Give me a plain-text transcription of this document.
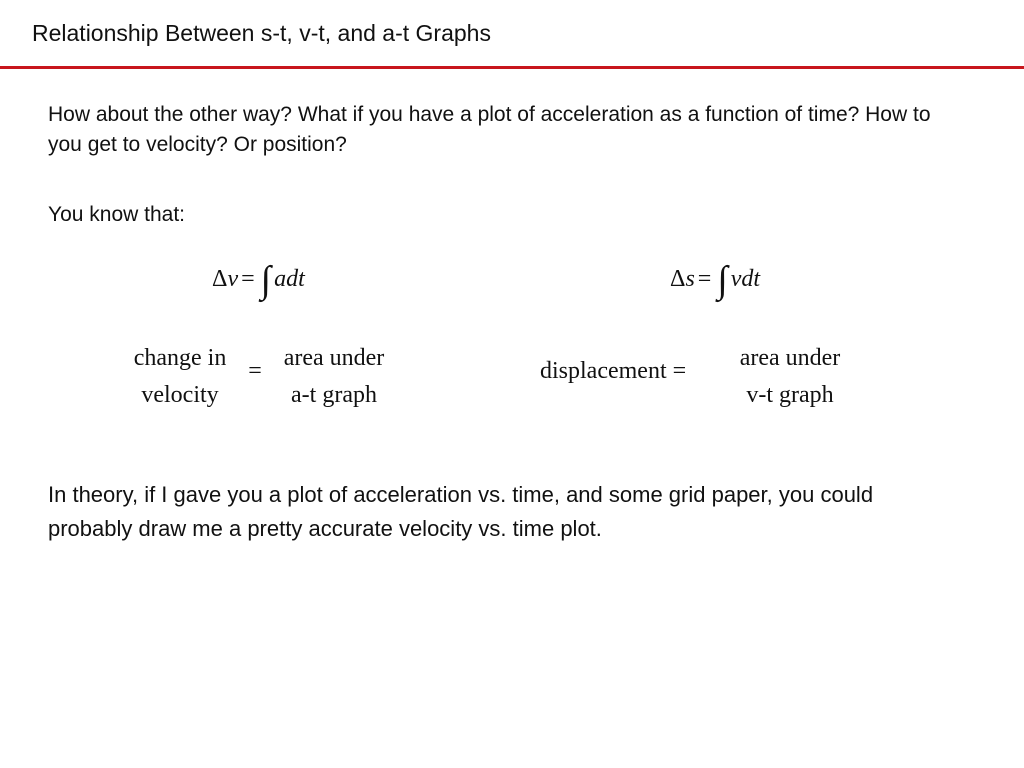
Relationship Between s-t, v-t, and a-t Graphs
How about the other way? What if you have a plot of acceleration as a function of time? How to you get to velocity? Or position?
You know that:
Δv = ∫ adt	Δs = ∫ vdt
change in
velocity
= area under
a-t graph
displacement =	area under
v-t graph
In theory, if I gave you a plot of acceleration vs. time, and some grid paper, you could probably draw me a pretty accurate velocity vs. time plot.
